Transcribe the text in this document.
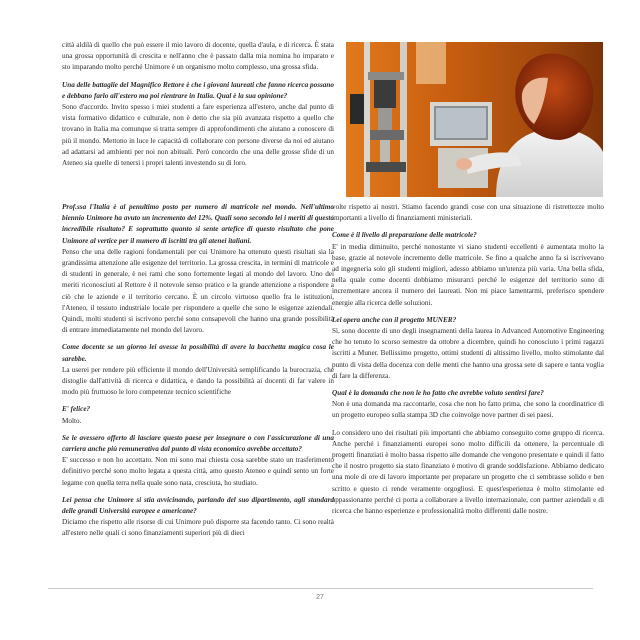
città aldilà di quello che può essere il mio lavoro di docente, quella d'aula, e di ricerca. È stata una grossa opportunità di crescita e nell'anno che è passato dalla mia nomina ho imparato e sto imparando molto perché Unimore è un organismo molto complesso, una grossa sfida.

Una delle battaglie del Magnifico Rettore è che i giovani laureati che fanno ricerca possano e debbano farlo all'estero ma poi rientrare in Italia. Qual è la sua opinione?

Sono d'accordo. Invito spesso i miei studenti a fare esperienza all'estero, anche dal punto di vista formativo didattico e culturale, non è detto che sia più avanzata rispetto a quello che trovano in Italia ma comunque si tratta sempre di approfondimenti che aiutano a conoscere di più il mondo. Mettono in luce le capacità di collaborare con persone diverse da noi ed aiutano ad adattarsi ad ambienti per noi non abituali. Però concordo che una delle grosse sfide di un Ateneo sia quelle di tenersi i propri talenti investendo su di loro.

Prof.ssa l'Italia è al penultimo posto per numero di matricole nel mondo. Nell'ultimo biennio Unimore ha avuto un incremento del 12%. Quali sono secondo lei i meriti di questo incredibile risultato? E soprattutto quanto si sente artefice di questo risultato che pone Unimore al vertice per il numero di iscritti tra gli atenei italiani.

Penso che una delle ragioni fondamentali per cui Unimore ha ottenuto questi risultati sia la grandissima attenzione alle esigenze del territorio. La grossa crescita, in termini di matricole e di studenti in generale, è nei rami che sono fortemente legati al mondo del lavoro. Uno dei meriti riconosciuti al Rettore è il notevole senso pratico e la grande attenzione a rispondere a ciò che le aziende e il territorio cercano. È un circolo virtuoso quello fra le istituzioni, l'Ateneo, il tessuto industriale locale per rispondere a quelle che sono le esigenze aziendali. Quindi, molti studenti si iscrivono perché sono consapevoli che hanno una grande possibilità di entrare immediatamente nel mondo del lavoro.

Come docente se un giorno lei avesse la possibilità di avere la bacchetta magica cosa le sarebbe.

La userei per rendere più efficiente il mondo dell'Università semplificando la burocrazia, che distoglie dall'attività di ricerca e didattica, e dando la possibilità ai docenti di far valere in modo più fruttuoso le loro competenze tecnico scientifiche

E' felice?

Molto.

Se le avessero offerto di lasciare questo paese per insegnare o con l'assicurazione di una carriera anche più remunerativa dal punto di vista economico avrebbe accettato?

E' successo e non ho accettato. Non mi sono mai chiesta cosa sarebbe stato un trasferimento definitivo perché sono molto legata a questa città, amo questo Ateneo e quindi sento un forte legame con quella terra nella quale sono nata, cresciuta, ho studiato.

Lei pensa che Unimore si stia avvicinando, parlando del suo dipartimento, agli standard delle grandi Università europee e americane?

Diciamo che rispetto alle risorse di cui Unimore può disporre sta facendo tanto. Ci sono realtà all'estero nelle quali ci sono finanziamenti superiori più di dieci

volte rispetto ai nostri. Stiamo facendo grandi cose con una situazione di ristrettezze molto importanti a livello di finanziamenti ministeriali.

Come è il livello di preparazione delle matricole?

E' in media diminuito, perché nonostante vi siano studenti eccellenti è aumentata molto la base, grazie al notevole incremento delle matricole. Se fino a qualche anno fa si iscrivevano ad ingegneria solo gli studenti migliori, adesso abbiamo un'utenza più varia. Una bella sfida, nella quale come docenti dobbiamo misurarci perché le esigenze del territorio sono di incrementare ancora il numero dei laureati. Non mi piace lamentarmi, preferisco spendere energie alla ricerca delle soluzioni.

Lei opera anche con il progetto MUNER?

Sì, sono docente di uno degli insegnamenti della laurea in Advanced Automotive Engineering che ho tenuto lo scorso semestre da ottobre a dicembre, quindi ho conosciuto i primi ragazzi iscritti a Muner. Bellissimo progetto, ottimi studenti di altissimo livello, molto stimolante dal punto di vista della docenza con delle menti che hanno una grossa sete di sapere e tanta voglia di fare la differenza.

Qual è la domanda che non le ho fatto che avrebbe voluto sentirsi fare?

Non è una domanda ma raccontarle, cosa che non ho fatto prima, che sono la coordinatrice di un progetto europeo sulla stampa 3D che coinvolge nove partner di sei paesi.

Lo considero uno dei risultati più importanti che abbiamo conseguito come gruppo di ricerca. Anche perché i finanziamenti europei sono molto difficili da ottenere, la percentuale di progetti finanziati è molto bassa rispetto alle domande che vengono presentate e quindi il fatto che il nostro progetto sia stato finanziato è motivo di grande soddisfazione. Abbiamo dedicato una mole di ore di lavoro importante per preparare un progetto che ci sembrasse solido e ben scritto e questo ci rende veramente orgogliosi. E quest'esperienza è molto stimolante ed appassionante perché ci porta a collaborare a livello internazionale, con partner aziendali e di ricerca che hanno esperienze e professionalità molto differenti dalle nostre.

27
